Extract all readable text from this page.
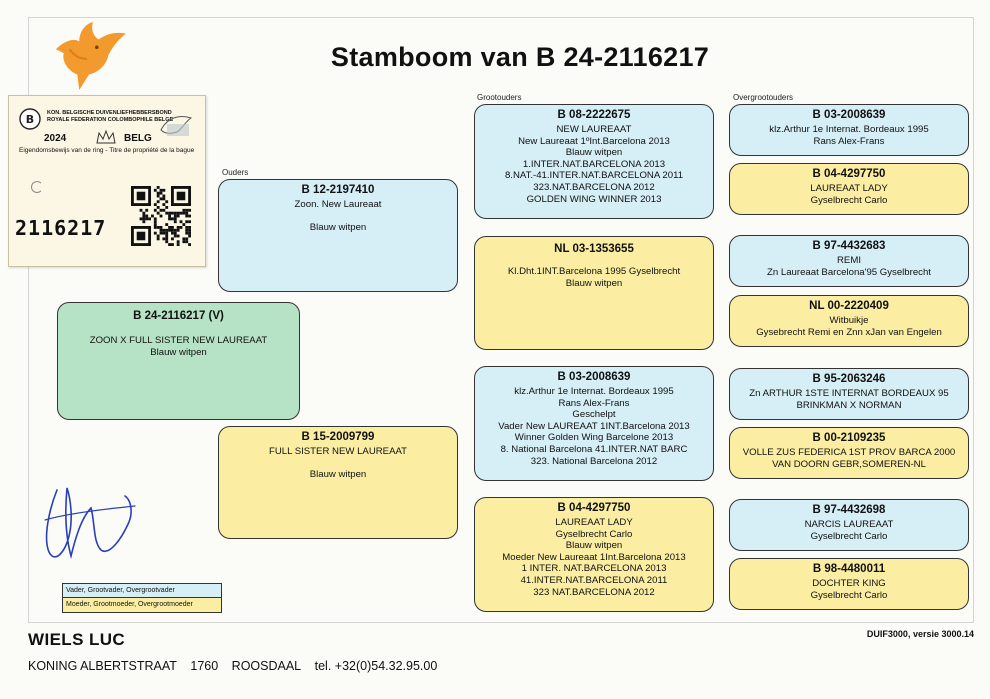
Stamboom van B 24-2116217
B KON. BELGISCHE DUIVENLIEFHEBBERSBOND
ROYALE FEDERATION COLOMBOPHILE BELGE
2024	BELG
Eigendomsbewijs van de ring - Titre de propriété de la bague
2116217
Ouders
Grootouders	Overgrootouders
B 24-2116217 (V)
ZOON X FULL SISTER NEW LAUREAAT
Blauw witpen
B 12-2197410
Zoon. New Laureaat
Blauw witpen
B 15-2009799
FULL SISTER NEW LAUREAAT
Blauw witpen
B 08-2222675
NEW LAUREAAT
New Laureaat 1ºInt.Barcelona 2013
Blauw witpen
1.INTER.NAT.BARCELONA 2013
8.NAT.-41.INTER.NAT.BARCELONA 2011
323.NAT.BARCELONA 2012
GOLDEN WING WINNER 2013
NL 03-1353655
Kl.Dht.1INT.Barcelona 1995 Gyselbrecht
Blauw witpen
B 03-2008639
klz.Arthur 1e Internat. Bordeaux 1995
Rans Alex-Frans
Geschelpt
Vader New LAUREAAT 1INT.Barcelona 2013
Winner Golden Wing Barcelone 2013
8. National Barcelona 41.INTER.NAT BARC
323. National Barcelona 2012
B 04-4297750
LAUREAAT LADY
Gyselbrecht Carlo
Blauw witpen
Moeder New Laureaat 1Int.Barcelona 2013
1 INTER. NAT.BARCELONA 2013
41.INTER.NAT.BARCELONA 2011
323 NAT.BARCELONA 2012
B 03-2008639
klz.Arthur 1e Internat. Bordeaux 1995
Rans Alex-Frans
B 04-4297750
LAUREAAT LADY
Gyselbrecht Carlo
B 97-4432683
REMI
Zn Laureaat Barcelona'95 Gyselbrecht
NL 00-2220409
Witbuikje
Gysebrecht Remi en Znn xJan van Engelen
B 95-2063246
Zn ARTHUR 1STE INTERNAT BORDEAUX 95
BRINKMAN X NORMAN
B 00-2109235
VOLLE ZUS FEDERICA 1ST PROV BARCA 2000
VAN DOORN GEBR,SOMEREN-NL
B 97-4432698
NARCIS LAUREAAT
Gyselbrecht Carlo
B 98-4480011
DOCHTER KING
Gyselbrecht Carlo
Vader, Grootvader, Overgrootvader
Moeder, Grootmoeder, Overgrootmoeder
WIELS LUC	DUIF3000, versie 3000.14
KONING ALBERTSTRAAT 1760 ROOSDAAL tel. +32(0)54.32.95.00
